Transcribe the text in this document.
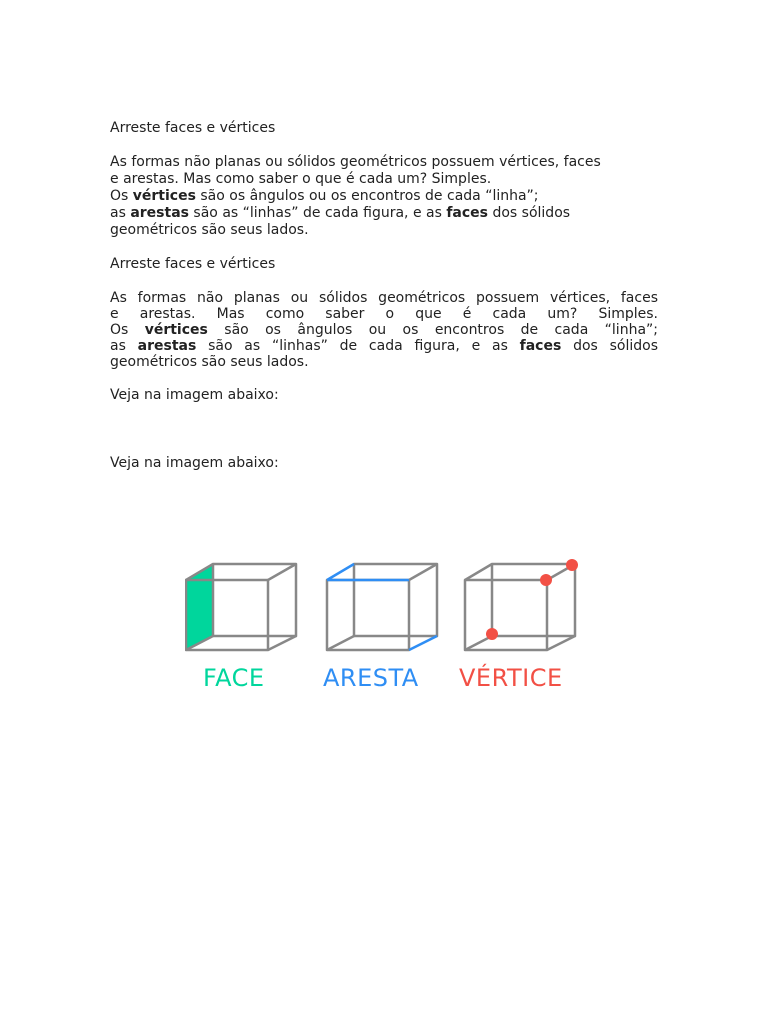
Arreste faces e vértices

As formas não planas ou sólidos geométricos possuem vértices, faces

e arestas. Mas como saber o que é cada um? Simples.

Os vértices são os ângulos ou os encontros de cada “linha”;

as arestas são as “linhas” de cada figura, e as faces dos sólidos

geométricos são seus lados.

Arreste faces e vértices

As formas não planas ou sólidos geométricos possuem vértices, faces
e arestas. Mas como saber o que é cada um? Simples.
Os vértices são os ângulos ou os encontros de cada “linha”;
as arestas são as “linhas” de cada figura, e as faces dos sólidos
geométricos são seus lados.

Veja na imagem abaixo:

Veja na imagem abaixo:

FACE ARESTA VÉRTICE
